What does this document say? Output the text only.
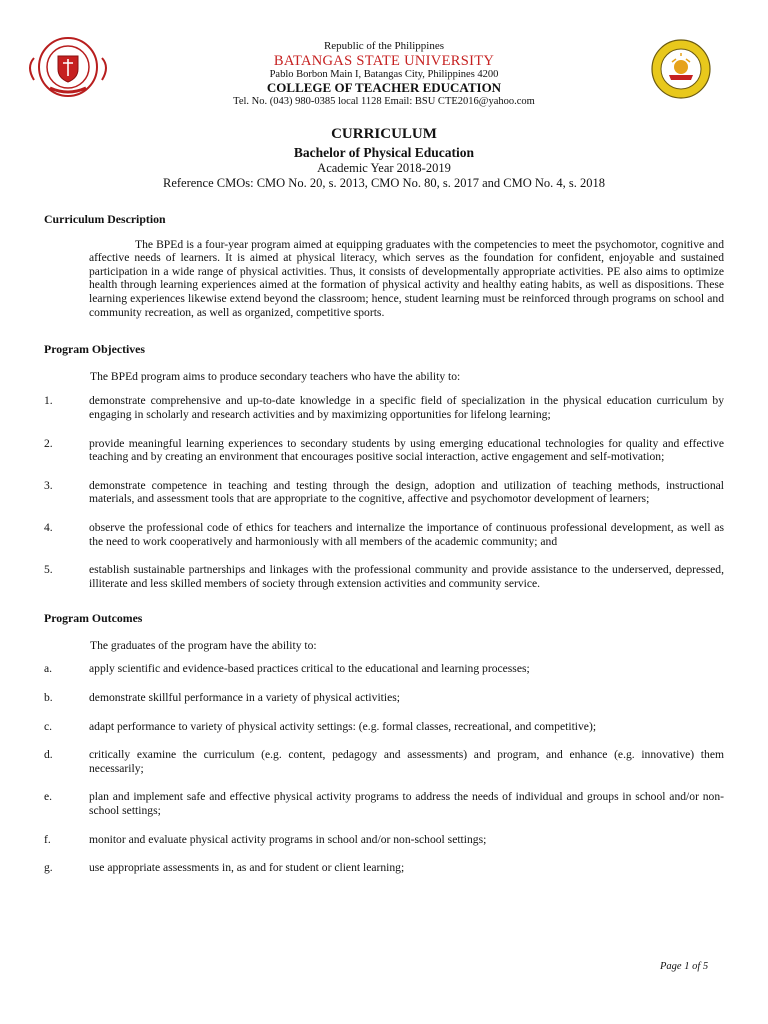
Republic of the Philippines
BATANGAS STATE UNIVERSITY
Pablo Borbon Main I, Batangas City, Philippines 4200
COLLEGE OF TEACHER EDUCATION
Tel. No. (043) 980-0385 local 1128 Email: BSU CTE2016@yahoo.com
CURRICULUM
Bachelor of Physical Education
Academic Year 2018-2019
Reference CMOs: CMO No. 20, s. 2013, CMO No. 80, s. 2017 and CMO No. 4, s. 2018
Curriculum Description
The BPEd is a four-year program aimed at equipping graduates with the competencies to meet the psychomotor, cognitive and affective needs of learners. It is aimed at physical literacy, which serves as the foundation for confident, enjoyable and sustained participation in a wide range of physical activities. Thus, it consists of developmentally appropriate activities. PE also aims to optimize health through learning experiences aimed at the formation of physical activity and healthy eating habits, as well as dispositions. These learning experiences likewise extend beyond the classroom; hence, student learning must be reinforced through programs on school and community recreation, as well as organized, competitive sports.
Program Objectives
The BPEd program aims to produce secondary teachers who have the ability to:
1.	demonstrate comprehensive and up-to-date knowledge in a specific field of specialization in the physical education curriculum by engaging in scholarly and research activities and by maximizing opportunities for lifelong learning;
2.	provide meaningful learning experiences to secondary students by using emerging educational technologies for quality and effective teaching and by creating an environment that encourages positive social interaction, active engagement and self-motivation;
3.	demonstrate competence in teaching and testing through the design, adoption and utilization of teaching methods, instructional materials, and assessment tools that are appropriate to the cognitive, affective and psychomotor development of learners;
4.	observe the professional code of ethics for teachers and internalize the importance of continuous professional development, as well as the need to work cooperatively and harmoniously with all members of the academic community; and
5.	establish sustainable partnerships and linkages with the professional community and provide assistance to the underserved, depressed, illiterate and less skilled members of society through extension activities and community service.
Program Outcomes
The graduates of the program have the ability to:
a.	apply scientific and evidence-based practices critical to the educational and learning processes;
b.	demonstrate skillful performance in a variety of physical activities;
c.	adapt performance to variety of physical activity settings: (e.g. formal classes, recreational, and competitive);
d.	critically examine the curriculum (e.g. content, pedagogy and assessments) and program, and enhance (e.g. innovative) them necessarily;
e.	plan and implement safe and effective physical activity programs to address the needs of individual and groups in school and/or non-school settings;
f.	monitor and evaluate physical activity programs in school and/or non-school settings;
g.	use appropriate assessments in, as and for student or client learning;
Page 1 of 5
